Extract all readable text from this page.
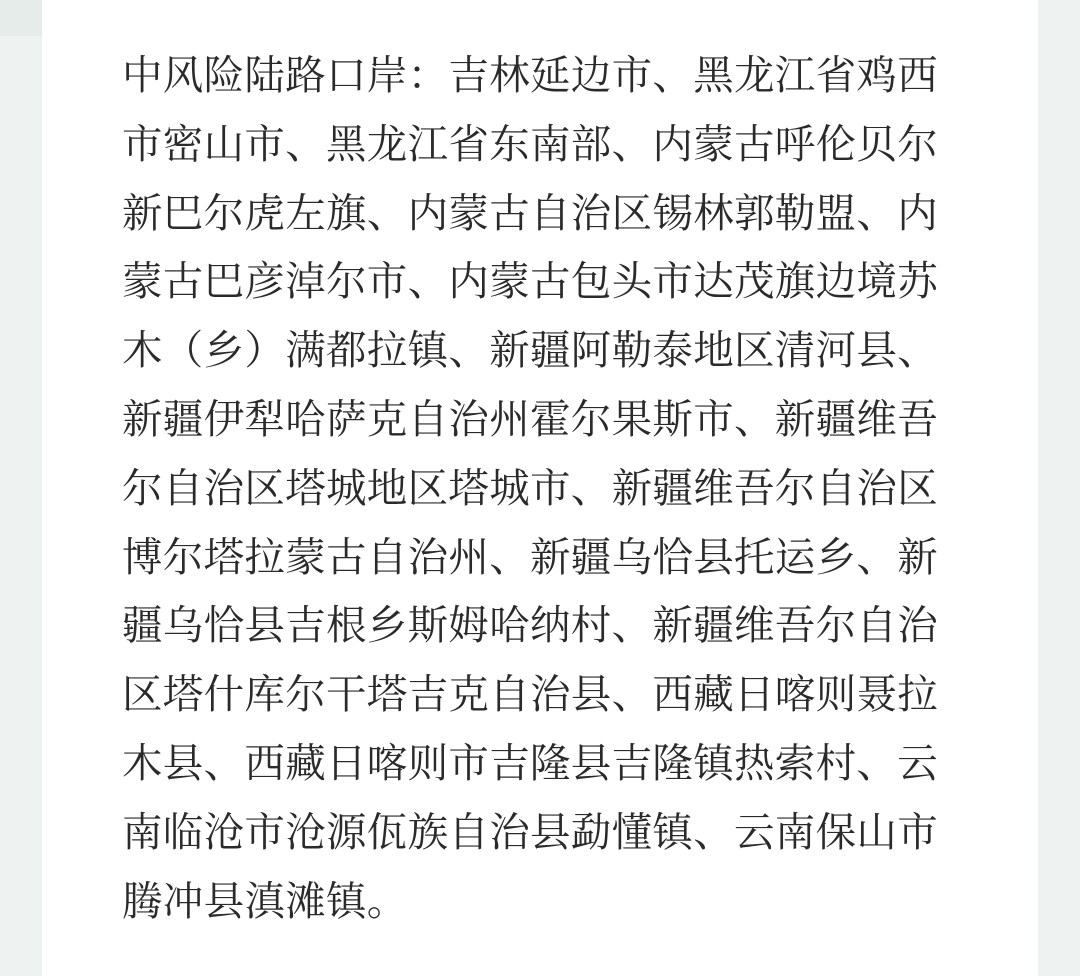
中风险陆路口岸：吉林延边市、黑龙江省鸡西
市密山市、黑龙江省东南部、内蒙古呼伦贝尔
新巴尔虎左旗、内蒙古自治区锡林郭勒盟、内
蒙古巴彦淖尔市、内蒙古包头市达茂旗边境苏
木（乡）满都拉镇、新疆阿勒泰地区清河县、
新疆伊犁哈萨克自治州霍尔果斯市、新疆维吾
尔自治区塔城地区塔城市、新疆维吾尔自治区
博尔塔拉蒙古自治州、新疆乌恰县托运乡、新
疆乌恰县吉根乡斯姆哈纳村、新疆维吾尔自治
区塔什库尔干塔吉克自治县、西藏日喀则聂拉
木县、西藏日喀则市吉隆县吉隆镇热索村、云
南临沧市沧源佤族自治县勐懂镇、云南保山市
腾冲县滇滩镇。
